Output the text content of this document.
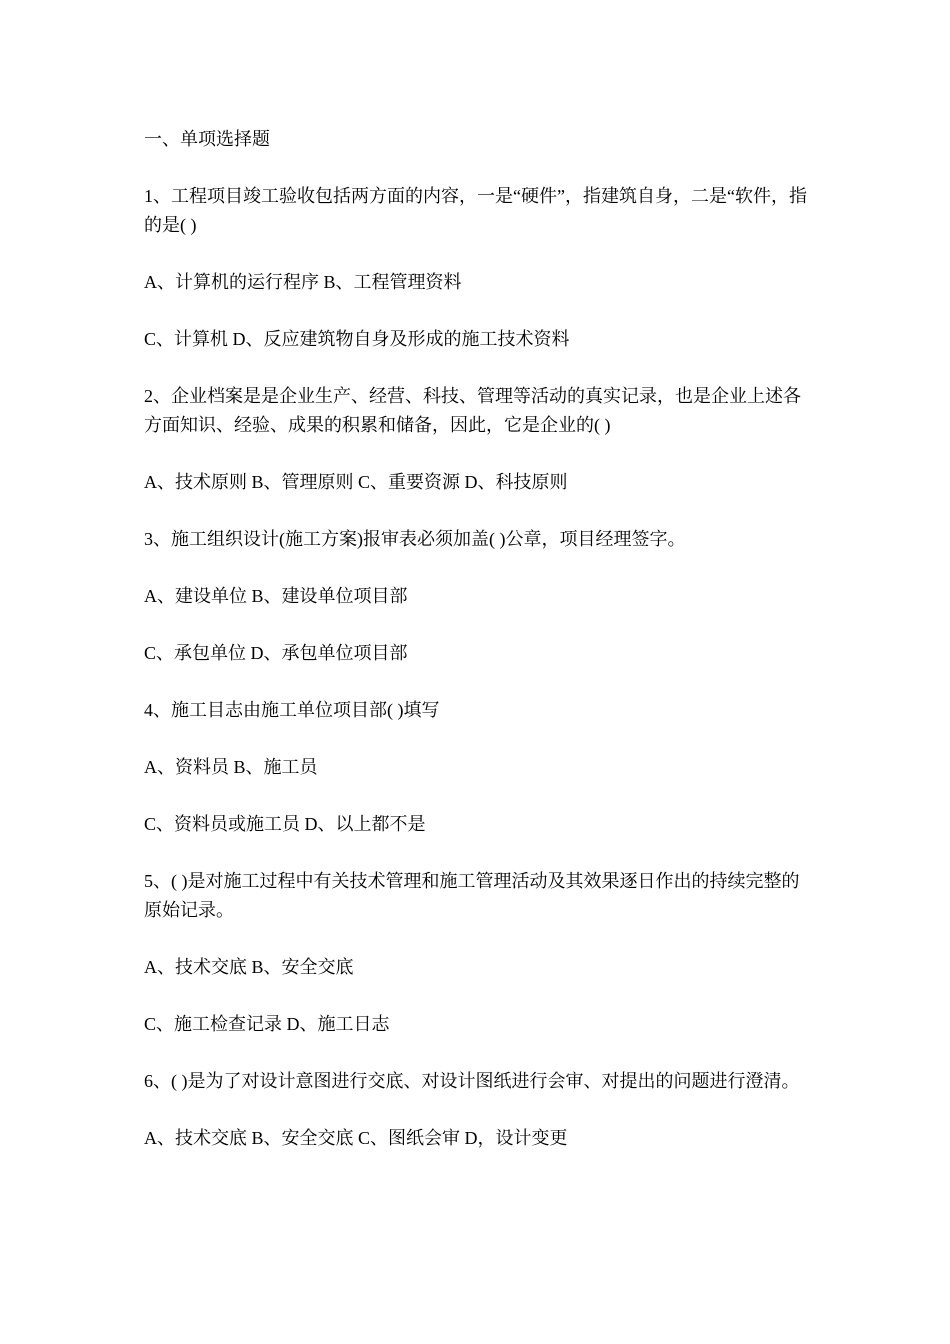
一、单项选择题

1、工程项目竣工验收包括两方面的内容，一是“硬件”，指建筑自身，二是“软件，指的是( )

A、计算机的运行程序 B、工程管理资料

C、计算机 D、反应建筑物自身及形成的施工技术资料

2、企业档案是是企业生产、经营、科技、管理等活动的真实记录，也是企业上述各方面知识、经验、成果的积累和储备，因此，它是企业的( )

A、技术原则 B、管理原则 C、重要资源 D、科技原则

3、施工组织设计(施工方案)报审表必须加盖( )公章，项目经理签字。

A、建设单位 B、建设单位项目部

C、承包单位 D、承包单位项目部

4、施工目志由施工单位项目部( )填写

A、资料员 B、施工员

C、资料员或施工员 D、以上都不是

5、( )是对施工过程中有关技术管理和施工管理活动及其效果逐日作出的持续完整的原始记录。

A、技术交底 B、安全交底

C、施工检查记录 D、施工日志

6、( )是为了对设计意图进行交底、对设计图纸进行会审、对提出的问题进行澄清。

A、技术交底 B、安全交底 C、图纸会审 D，设计变更
